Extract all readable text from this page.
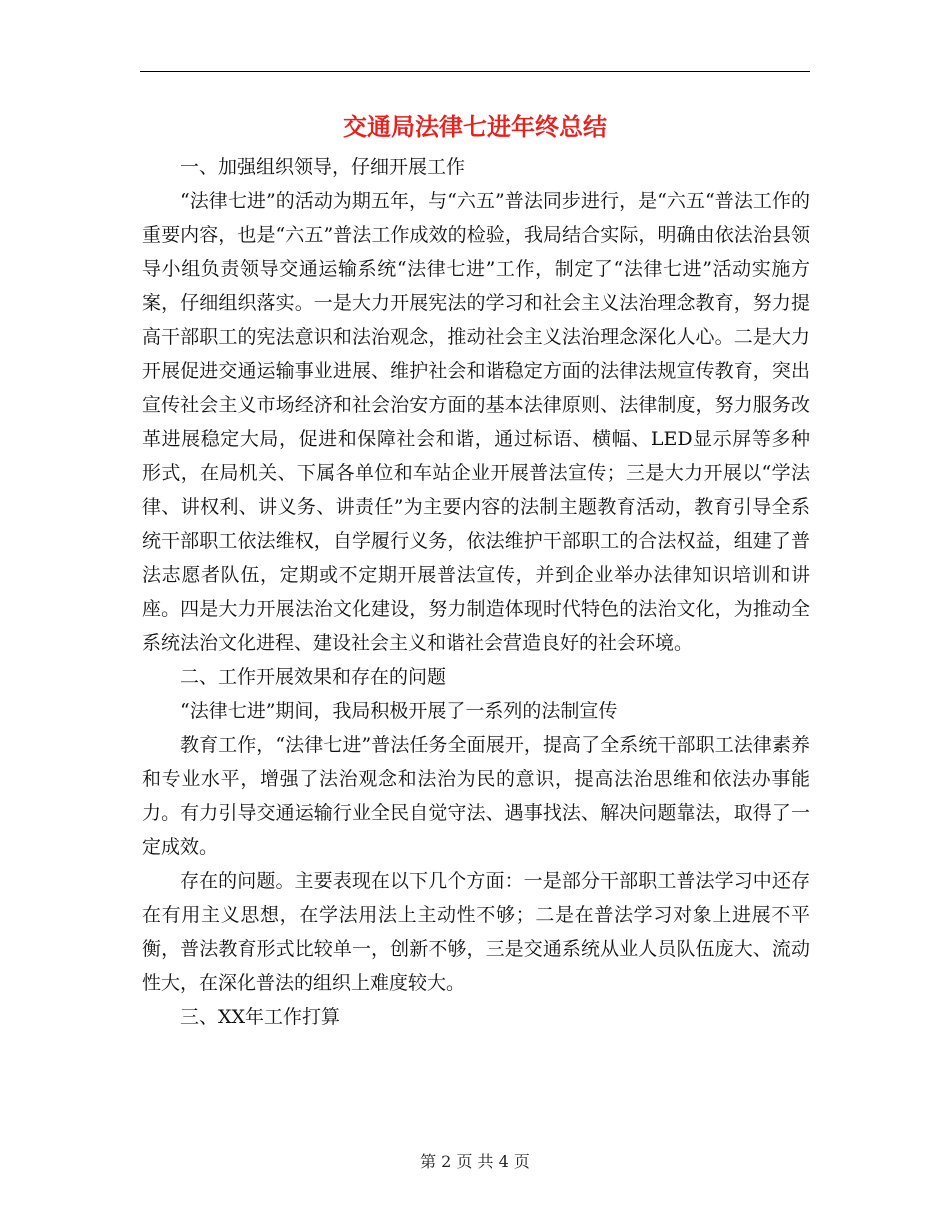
交通局法律七进年终总结

一、加强组织领导，仔细开展工作

“法律七进”的活动为期五年，与“六五”普法同步进行，是“六五“普法工作的重要内容，也是“六五”普法工作成效的检验，我局结合实际，明确由依法治县领导小组负责领导交通运输系统“法律七进”工作，制定了“法律七进”活动实施方案，仔细组织落实。一是大力开展宪法的学习和社会主义法治理念教育，努力提高干部职工的宪法意识和法治观念，推动社会主义法治理念深化人心。二是大力开展促进交通运输事业进展、维护社会和谐稳定方面的法律法规宣传教育，突出宣传社会主义市场经济和社会治安方面的基本法律原则、法律制度，努力服务改革进展稳定大局，促进和保障社会和谐，通过标语、横幅、LED显示屏等多种形式，在局机关、下属各单位和车站企业开展普法宣传；三是大力开展以“学法律、讲权利、讲义务、讲责任”为主要内容的法制主题教育活动，教育引导全系统干部职工依法维权，自学履行义务，依法维护干部职工的合法权益，组建了普法志愿者队伍，定期或不定期开展普法宣传，并到企业举办法律知识培训和讲座。四是大力开展法治文化建设，努力制造体现时代特色的法治文化，为推动全系统法治文化进程、建设社会主义和谐社会营造良好的社会环境。

二、工作开展效果和存在的问题

“法律七进”期间，我局积极开展了一系列的法制宣传

教育工作，“法律七进”普法任务全面展开，提高了全系统干部职工法律素养和专业水平，增强了法治观念和法治为民的意识，提高法治思维和依法办事能力。有力引导交通运输行业全民自觉守法、遇事找法、解决问题靠法，取得了一定成效。

存在的问题。主要表现在以下几个方面：一是部分干部职工普法学习中还存在有用主义思想，在学法用法上主动性不够；二是在普法学习对象上进展不平衡，普法教育形式比较单一，创新不够，三是交通系统从业人员队伍庞大、流动性大，在深化普法的组织上难度较大。

三、XX年工作打算

第 2 页 共 4 页
